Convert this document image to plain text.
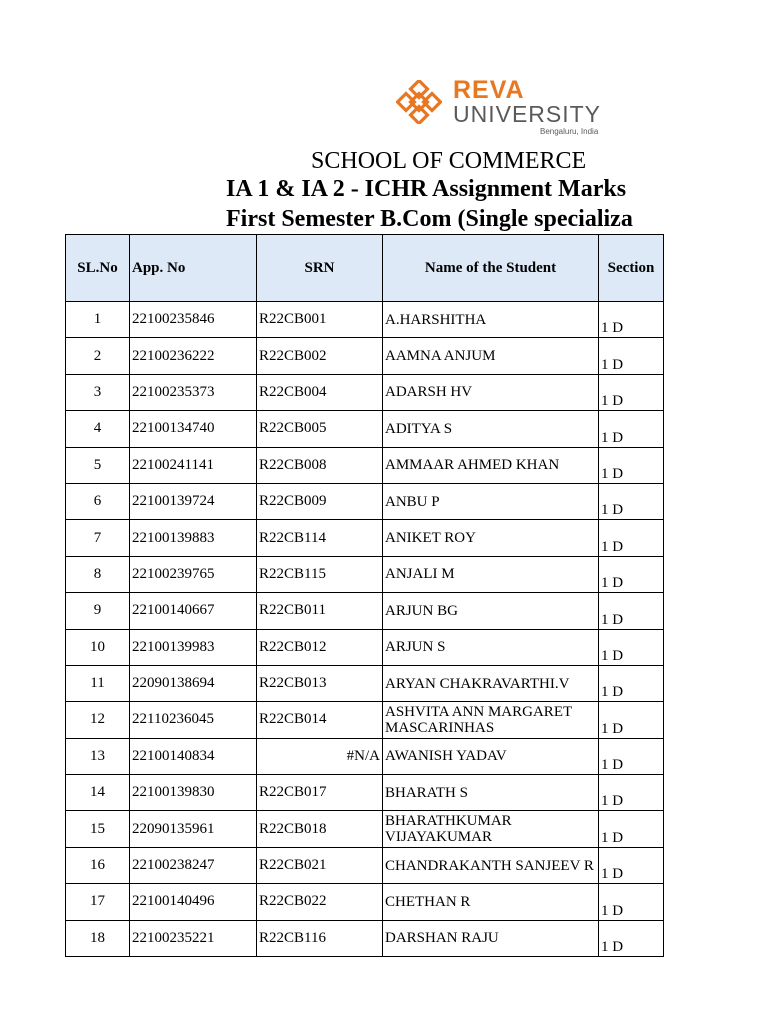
REVA
UNIVERSITY
Bengaluru, India
SCHOOL OF COMMERCE
IA 1 & IA 2 - ICHR Assignment Marks
First Semester B.Com (Single specializa
SL.No	App. No	SRN	Name of the Student	Section
1	22100235846	R22CB001	A.HARSHITHA	1 D
2	22100236222	R22CB002	AAMNA ANJUM	1 D
3	22100235373	R22CB004	ADARSH HV	1 D
4	22100134740	R22CB005	ADITYA S	1 D
5	22100241141	R22CB008	AMMAAR AHMED KHAN	1 D
6	22100139724	R22CB009	ANBU P	1 D
7	22100139883	R22CB114	ANIKET ROY	1 D
8	22100239765	R22CB115	ANJALI M	1 D
9	22100140667	R22CB011	ARJUN BG	1 D
10	22100139983	R22CB012	ARJUN S	1 D
11	22090138694	R22CB013	ARYAN CHAKRAVARTHI.V	1 D
12	22110236045	R22CB014	ASHVITA ANN MARGARET MASCARINHAS	1 D
13	22100140834	#N/A	AWANISH YADAV	1 D
14	22100139830	R22CB017	BHARATH S	1 D
15	22090135961	R22CB018	BHARATHKUMAR VIJAYAKUMAR	1 D
16	22100238247	R22CB021	CHANDRAKANTH SANJEEV R	1 D
17	22100140496	R22CB022	CHETHAN R	1 D
18	22100235221	R22CB116	DARSHAN RAJU	1 D
